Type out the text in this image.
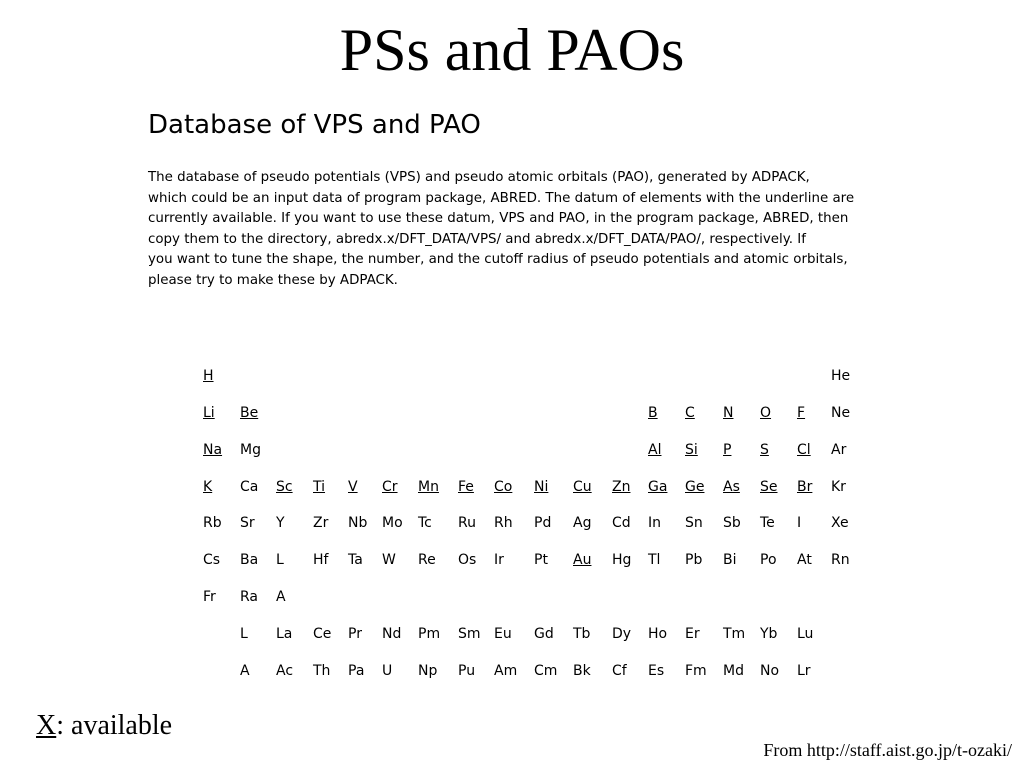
PSs and PAOs
Database of VPS and PAO
The database of pseudo potentials (VPS) and pseudo atomic orbitals (PAO), generated by ADPACK,
which could be an input data of program package, ABRED. The datum of elements with the underline are
currently available. If you want to use these datum, VPS and PAO, in the program package, ABRED, then
copy them to the directory, abredx.x/DFT_DATA/VPS/ and abredx.x/DFT_DATA/PAO/, respectively. If
you want to tune the shape, the number, and the cutoff radius of pseudo potentials and atomic orbitals,
please try to make these by ADPACK.
H	He
Li Be	B C N O F Ne
Na Mg	Al Si P S Cl Ar
K Ca Sc Ti V Cr Mn Fe Co Ni Cu Zn Ga Ge As Se Br Kr
Rb Sr Y Zr Nb Mo Tc Ru Rh Pd Ag Cd In Sn Sb Te I Xe
Cs Ba L Hf Ta W Re Os Ir Pt Au Hg Tl Pb Bi Po At Rn
Fr Ra A
L La Ce Pr Nd Pm Sm Eu Gd Tb Dy Ho Er Tm Yb Lu
A Ac Th Pa U Np Pu Am Cm Bk Cf Es Fm Md No Lr
X: available
From http://staff.aist.go.jp/t-ozaki/
